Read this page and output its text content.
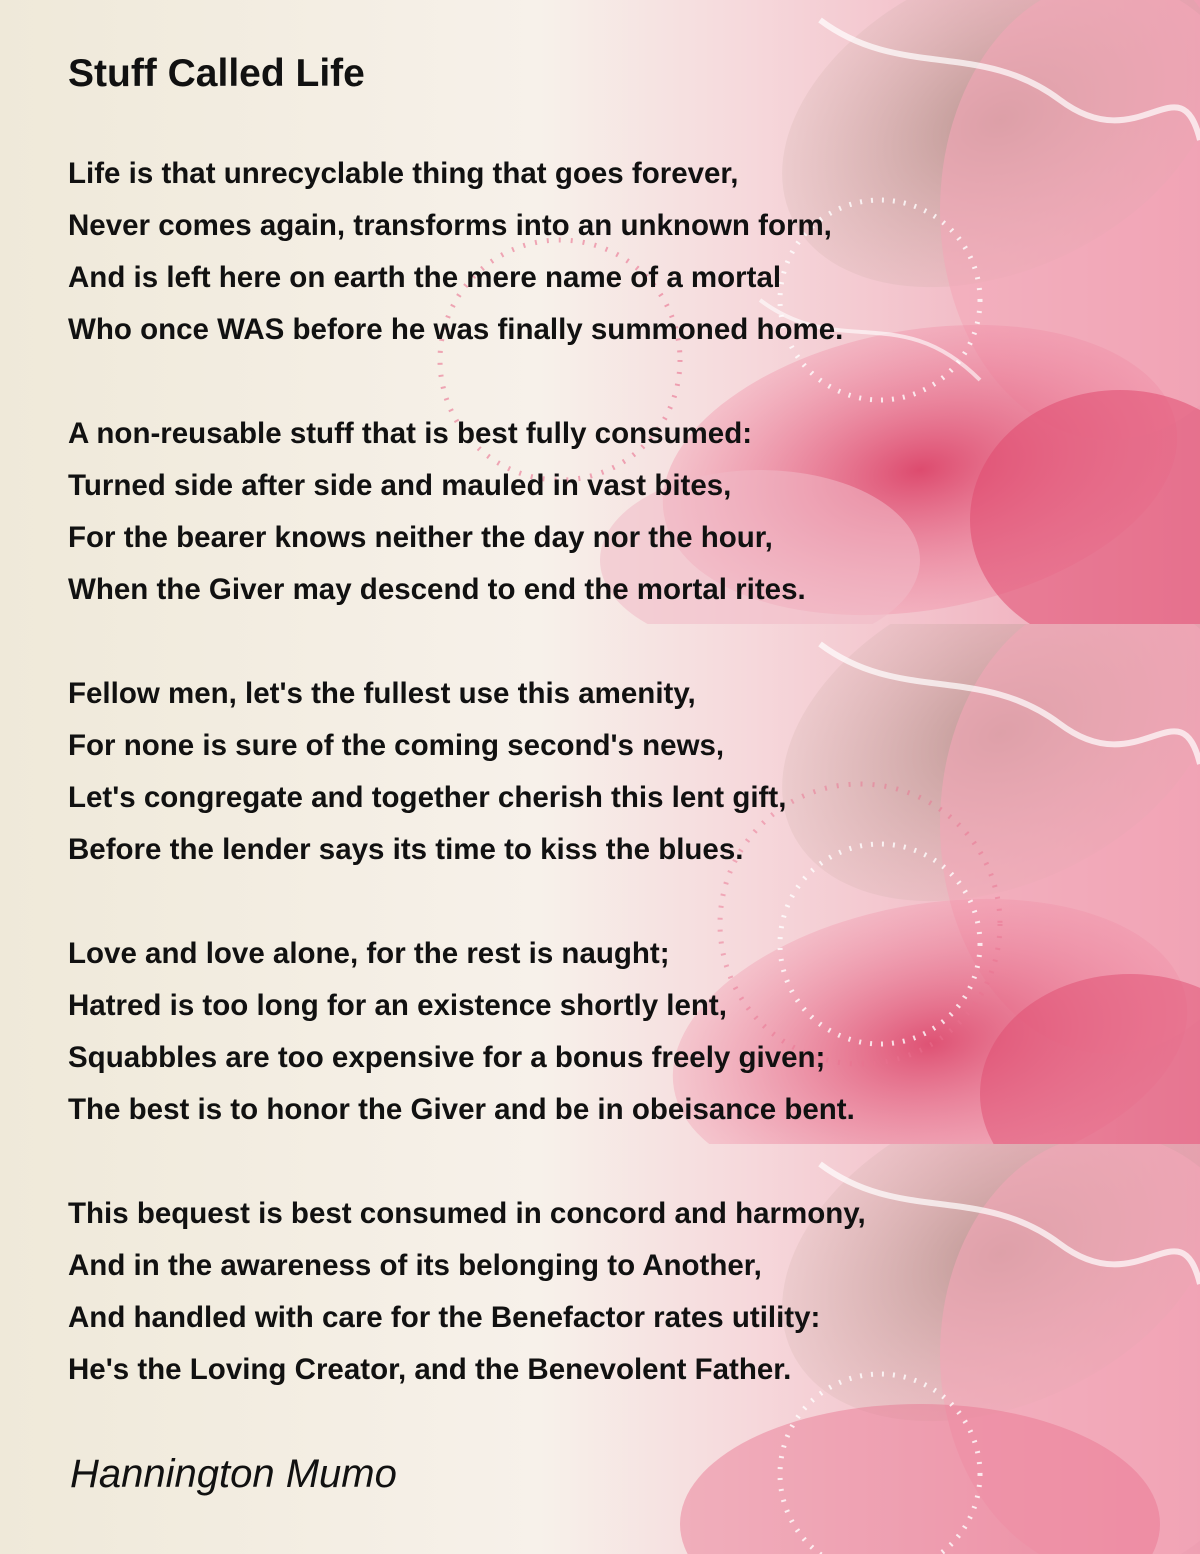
Stuff Called Life
Life is that unrecyclable thing that goes forever,
Never comes again, transforms into an unknown form,
And is left here on earth the mere name of a mortal
Who once WAS before he was finally summoned home.
A non-reusable stuff that is best fully consumed:
Turned side after side and mauled in vast bites,
For the bearer knows neither the day nor the hour,
When the Giver may descend to end the mortal rites.
Fellow men, let's the fullest use this amenity,
For none is sure of the coming second's news,
Let's congregate and together cherish this lent gift,
Before the lender says its time to kiss the blues.
Love and love alone, for the rest is naught;
Hatred is too long for an existence shortly lent,
Squabbles are too expensive for a bonus freely given;
The best is to honor the Giver and be in obeisance bent.
This bequest is best consumed in concord and harmony,
And in the awareness of its belonging to Another,
And handled with care for the Benefactor rates utility:
He's the Loving Creator, and the Benevolent Father.
Hannington Mumo
